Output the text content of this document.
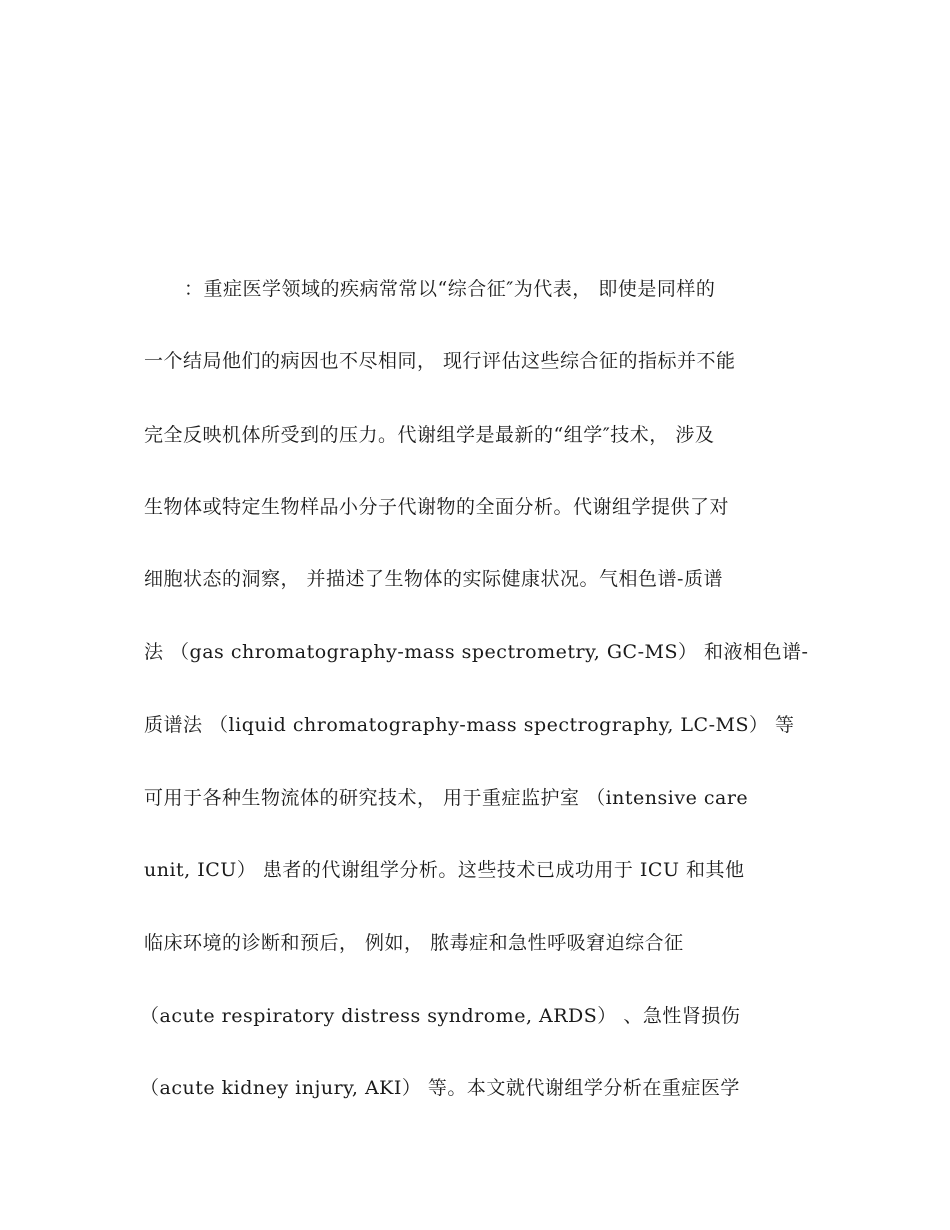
：重症医学领域的疾病常常以“综合征″为代表， 即使是同样的
一个结局他们的病因也不尽相同， 现行评估这些综合征的指标并不能
完全反映机体所受到的压力。代谢组学是最新的“组学″技术， 涉及
生物体或特定生物样品小分子代谢物的全面分析。代谢组学提供了对
细胞状态的洞察， 并描述了生物体的实际健康状况。气相色谱-质谱
法 （gas chromatography-mass spectrometry, GC-MS） 和液相色谱-
质谱法 （liquid chromatography-mass spectrography, LC-MS） 等
可用于各种生物流体的研究技术， 用于重症监护室 （intensive care
unit, ICU） 患者的代谢组学分析。这些技术已成功用于 ICU 和其他
临床环境的诊断和预后， 例如， 脓毒症和急性呼吸窘迫综合征
（acute respiratory distress syndrome, ARDS） 、急性肾损伤
（acute kidney injury, AKI） 等。本文就代谢组学分析在重症医学
